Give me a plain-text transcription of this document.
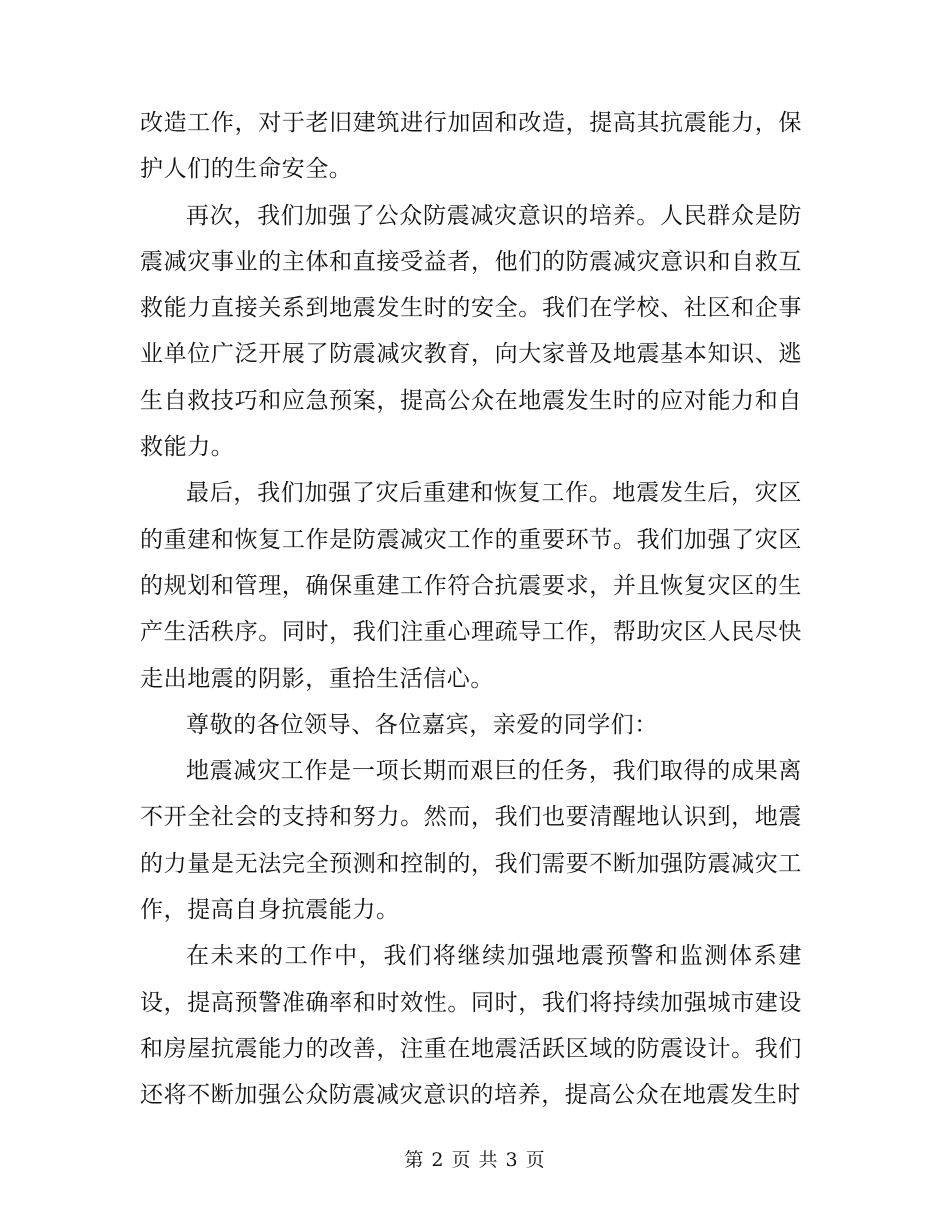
改造工作，对于老旧建筑进行加固和改造，提高其抗震能力，保护人们的生命安全。

再次，我们加强了公众防震减灾意识的培养。人民群众是防震减灾事业的主体和直接受益者，他们的防震减灾意识和自救互救能力直接关系到地震发生时的安全。我们在学校、社区和企事业单位广泛开展了防震减灾教育，向大家普及地震基本知识、逃生自救技巧和应急预案，提高公众在地震发生时的应对能力和自救能力。

最后，我们加强了灾后重建和恢复工作。地震发生后，灾区的重建和恢复工作是防震减灾工作的重要环节。我们加强了灾区的规划和管理，确保重建工作符合抗震要求，并且恢复灾区的生产生活秩序。同时，我们注重心理疏导工作，帮助灾区人民尽快走出地震的阴影，重拾生活信心。

尊敬的各位领导、各位嘉宾，亲爱的同学们：

地震减灾工作是一项长期而艰巨的任务，我们取得的成果离不开全社会的支持和努力。然而，我们也要清醒地认识到，地震的力量是无法完全预测和控制的，我们需要不断加强防震减灾工作，提高自身抗震能力。

在未来的工作中，我们将继续加强地震预警和监测体系建设，提高预警准确率和时效性。同时，我们将持续加强城市建设和房屋抗震能力的改善，注重在地震活跃区域的防震设计。我们还将不断加强公众防震减灾意识的培养，提高公众在地震发生时

第 2 页 共 3 页
